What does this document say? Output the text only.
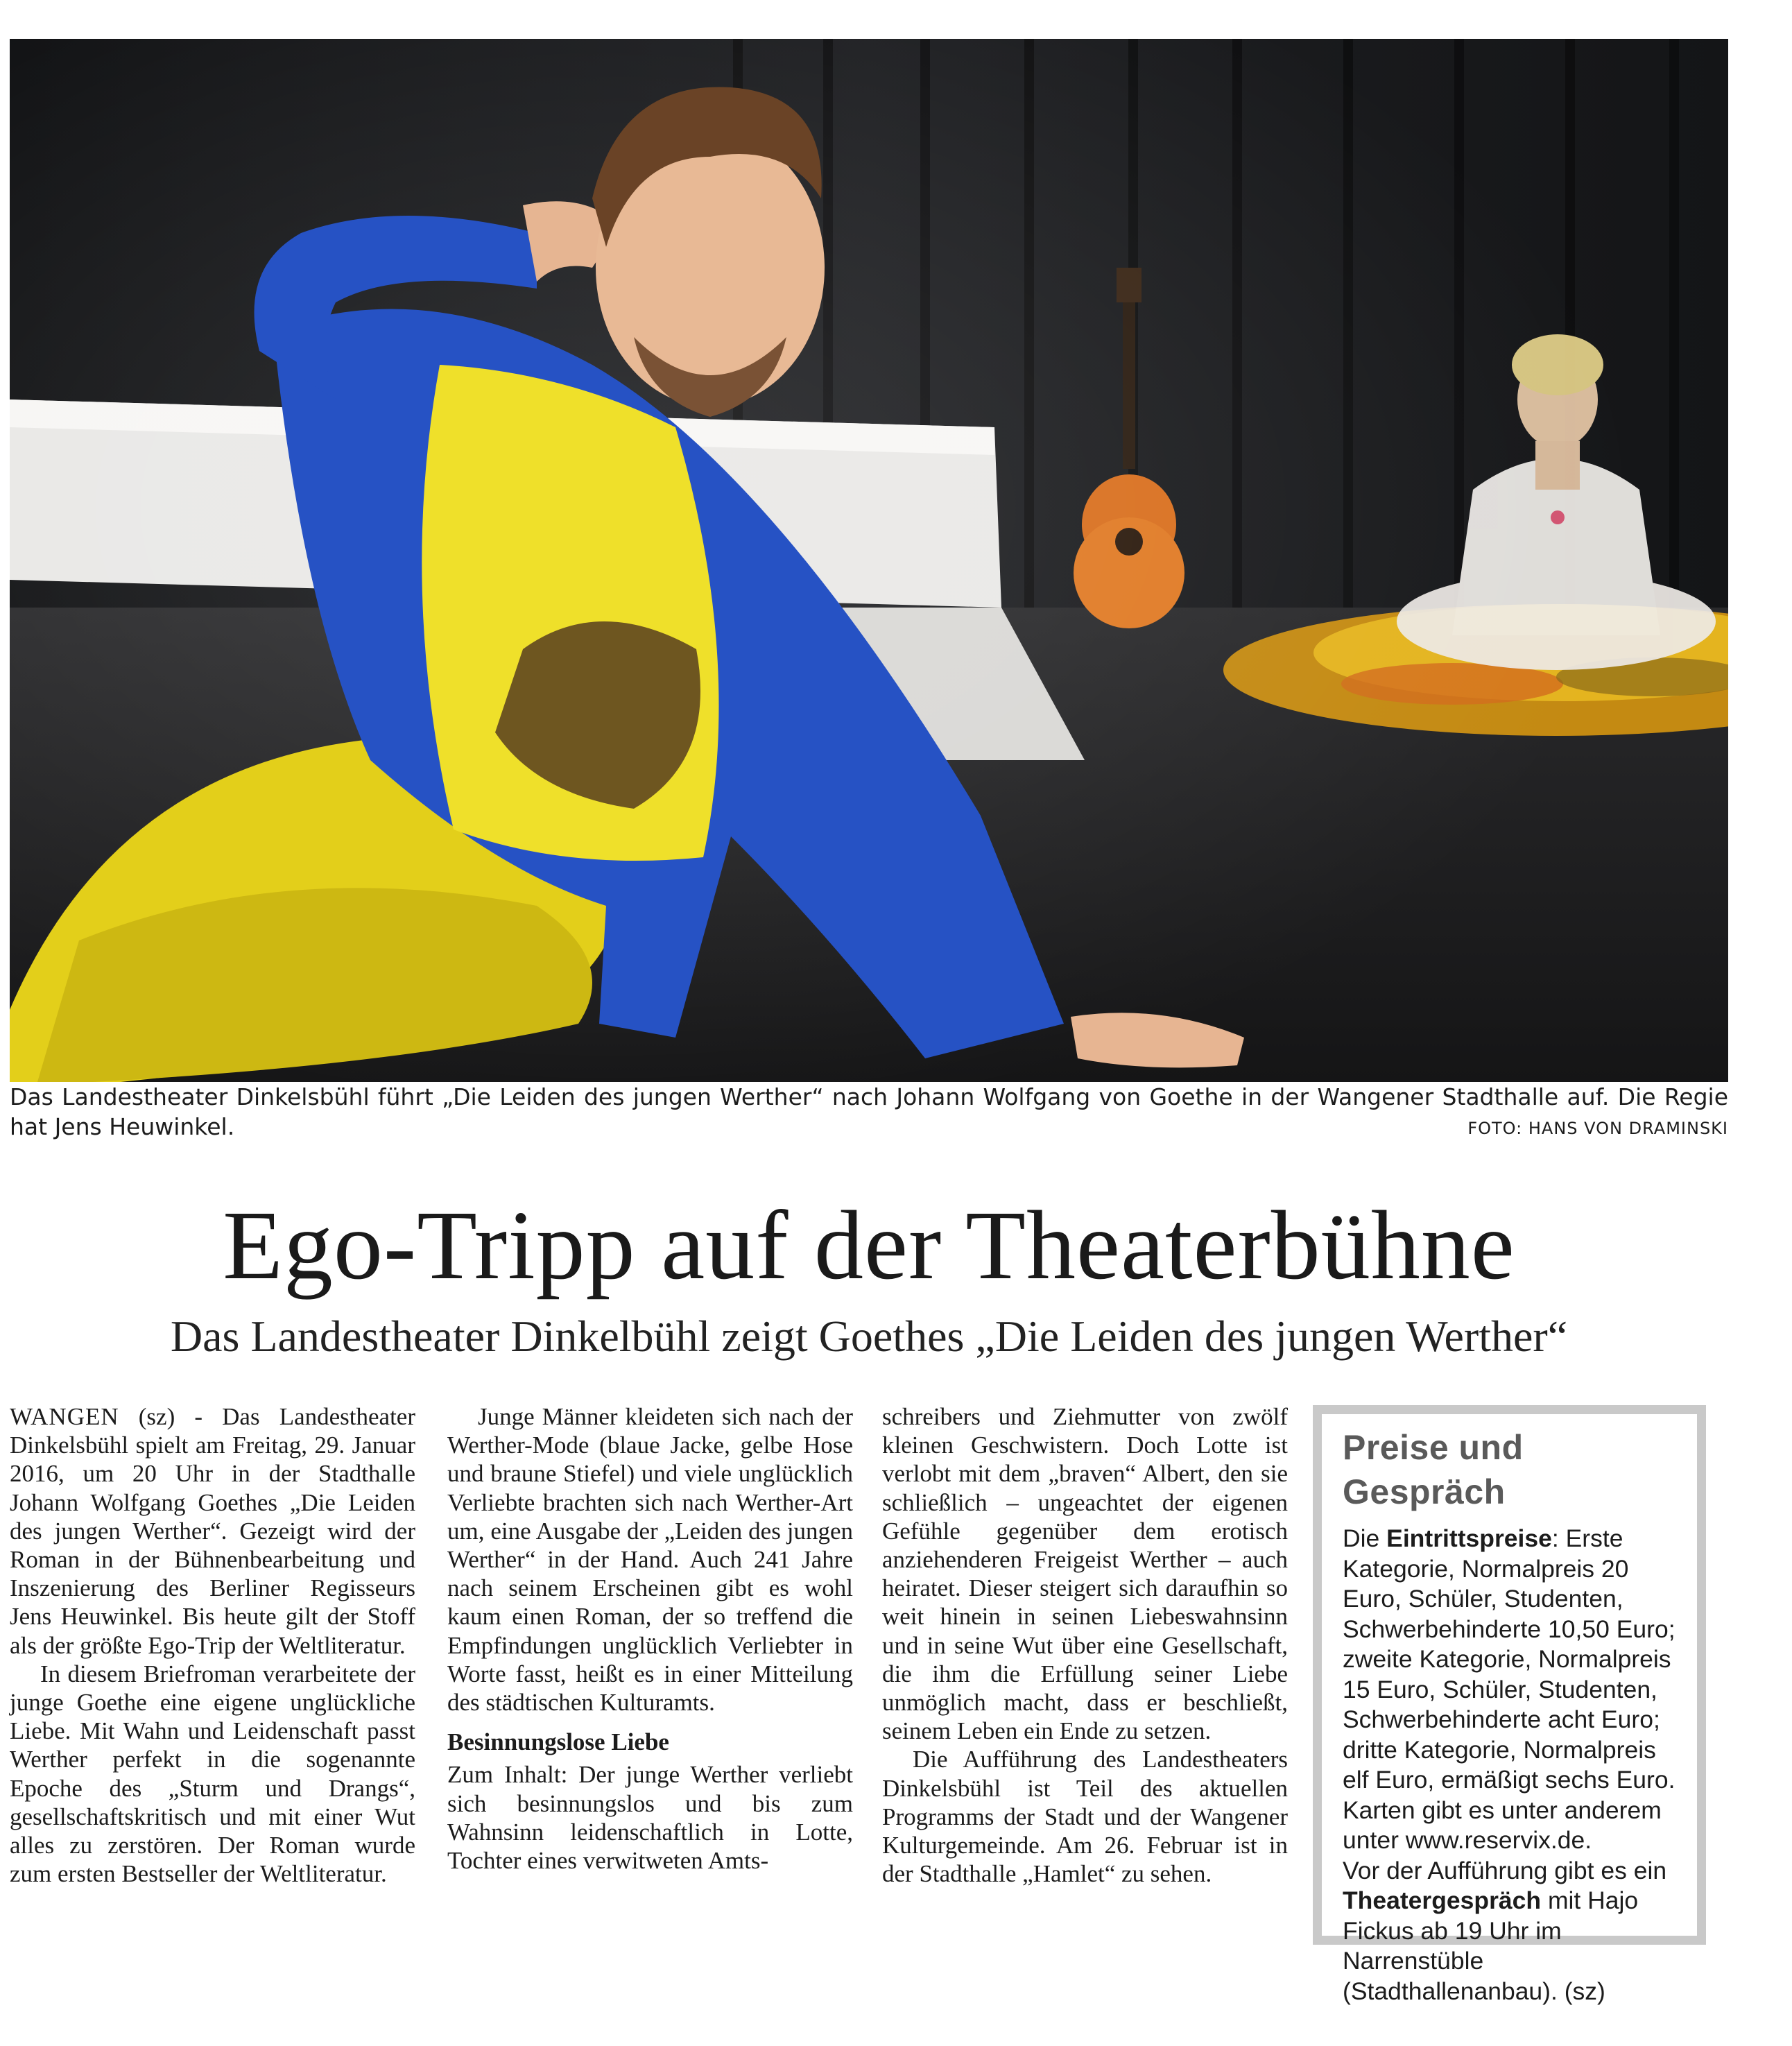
Das Landestheater Dinkelsbühl führt „Die Leiden des jungen Werther“ nach Johann Wolfgang von Goethe in der Wangener Stadthalle auf. Die Regie hat Jens Heuwinkel.	FOTO: HANS VON DRAMINSKI
Ego-Tripp auf der Theaterbühne
Das Landestheater Dinkelbühl zeigt Goethes „Die Leiden des jungen Werther“

WANGEN (sz) - Das Landestheater Dinkelsbühl spielt am Freitag, 29. Januar 2016, um 20 Uhr in der Stadthalle Johann Wolfgang Goethes „Die Leiden des jungen Werther“. Gezeigt wird der Roman in der Bühnenbearbeitung und Inszenierung des Berliner Regisseurs Jens Heuwinkel. Bis heute gilt der Stoff als der größte Ego-Trip der Weltliteratur.

In diesem Briefroman verarbeitete der junge Goethe eine eigene unglückliche Liebe. Mit Wahn und Leidenschaft passt Werther perfekt in die sogenannte Epoche des „Sturm und Drangs“, gesellschaftskritisch und mit einer Wut alles zu zerstören. Der Roman wurde zum ersten Bestseller der Weltliteratur.

Junge Männer kleideten sich nach der Werther-Mode (blaue Jacke, gelbe Hose und braune Stiefel) und viele unglücklich Verliebte brachten sich nach Werther-Art um, eine Ausgabe der „Leiden des jungen Werther“ in der Hand. Auch 241 Jahre nach seinem Erscheinen gibt es wohl kaum einen Roman, der so treffend die Empfindungen unglücklich Verliebter in Worte fasst, heißt es in einer Mitteilung des städtischen Kulturamts.

Besinnungslose Liebe

Zum Inhalt: Der junge Werther verliebt sich besinnungslos und bis zum Wahnsinn leidenschaftlich in Lotte, Tochter eines verwitweten Amts-

schreibers und Ziehmutter von zwölf kleinen Geschwistern. Doch Lotte ist verlobt mit dem „braven“ Albert, den sie schließlich – ungeachtet der eigenen Gefühle gegenüber dem erotisch anziehenderen Freigeist Werther – auch heiratet. Dieser steigert sich daraufhin so weit hinein in seinen Liebeswahnsinn und in seine Wut über eine Gesellschaft, die ihm die Erfüllung seiner Liebe unmöglich macht, dass er beschließt, seinem Leben ein Ende zu setzen.

Die Aufführung des Landestheaters Dinkelsbühl ist Teil des aktuellen Programms der Stadt und der Wangener Kulturgemeinde. Am 26. Februar ist in der Stadthalle „Hamlet“ zu sehen.

Preise und Gespräch
Die Eintrittspreise: Erste Kategorie, Normalpreis 20 Euro, Schüler, Studenten, Schwerbehinderte 10,50 Euro; zweite Kategorie, Normalpreis 15 Euro, Schüler, Studenten, Schwerbehinderte acht Euro; dritte Kategorie, Normalpreis elf Euro, ermäßigt sechs Euro. Karten gibt es unter anderem unter www.reservix.de.
Vor der Aufführung gibt es ein Theatergespräch mit Hajo Fickus ab 19 Uhr im Narrenstüble (Stadthallenanbau). (sz)
